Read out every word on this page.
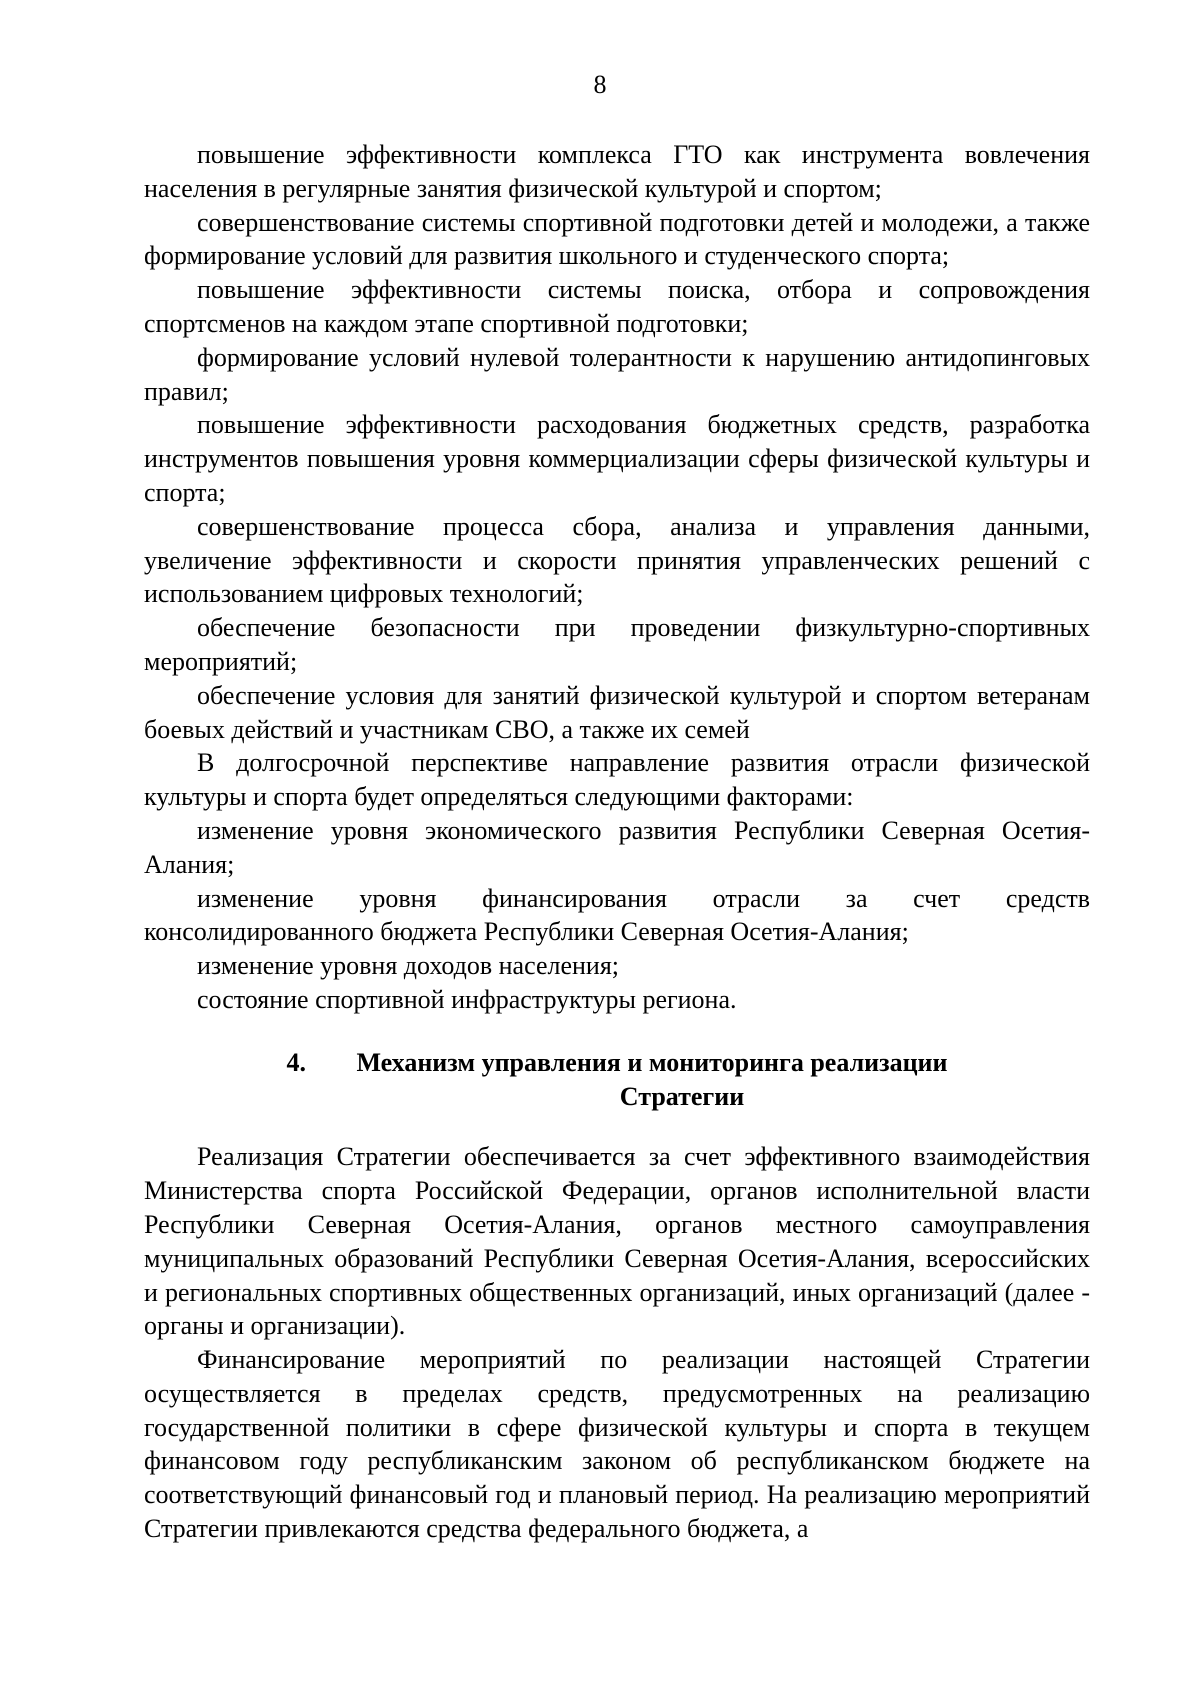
8

повышение эффективности комплекса ГТО как инструмента вовлечения населения в регулярные занятия физической культурой и спортом;

совершенствование системы спортивной подготовки детей и молодежи, а также формирование условий для развития школьного и студенческого спорта;

повышение эффективности системы поиска, отбора и сопровождения спортсменов на каждом этапе спортивной подготовки;

формирование условий нулевой толерантности к нарушению антидопинговых правил;

повышение эффективности расходования бюджетных средств, разработка инструментов повышения уровня коммерциализации сферы физической культуры и спорта;

совершенствование процесса сбора, анализа и управления данными, увеличение эффективности и скорости принятия управленческих решений с использованием цифровых технологий;

обеспечение безопасности при проведении физкультурно-спортивных мероприятий;

обеспечение условия для занятий физической культурой и спортом ветеранам боевых действий и участникам СВО, а также их семей

В долгосрочной перспективе направление развития отрасли физической культуры и спорта будет определяться следующими факторами:

изменение уровня экономического развития Республики Северная Осетия-Алания;

изменение уровня финансирования отрасли за счет средств консолидированного бюджета Республики Северная Осетия-Алания;

изменение уровня доходов населения;

состояние спортивной инфраструктуры региона.

4.	Механизм управления и мониторинга реализации
Стратегии

Реализация Стратегии обеспечивается за счет эффективного взаимодействия Министерства спорта Российской Федерации, органов исполнительной власти Республики Северная Осетия-Алания, органов местного самоуправления муниципальных образований Республики Северная Осетия-Алания, всероссийских и региональных спортивных общественных организаций, иных организаций (далее - органы и организации).

Финансирование мероприятий по реализации настоящей Стратегии осуществляется в пределах средств, предусмотренных на реализацию государственной политики в сфере физической культуры и спорта в текущем финансовом году республиканским законом об республиканском бюджете на соответствующий финансовый год и плановый период. На реализацию мероприятий Стратегии привлекаются средства федерального бюджета, а
